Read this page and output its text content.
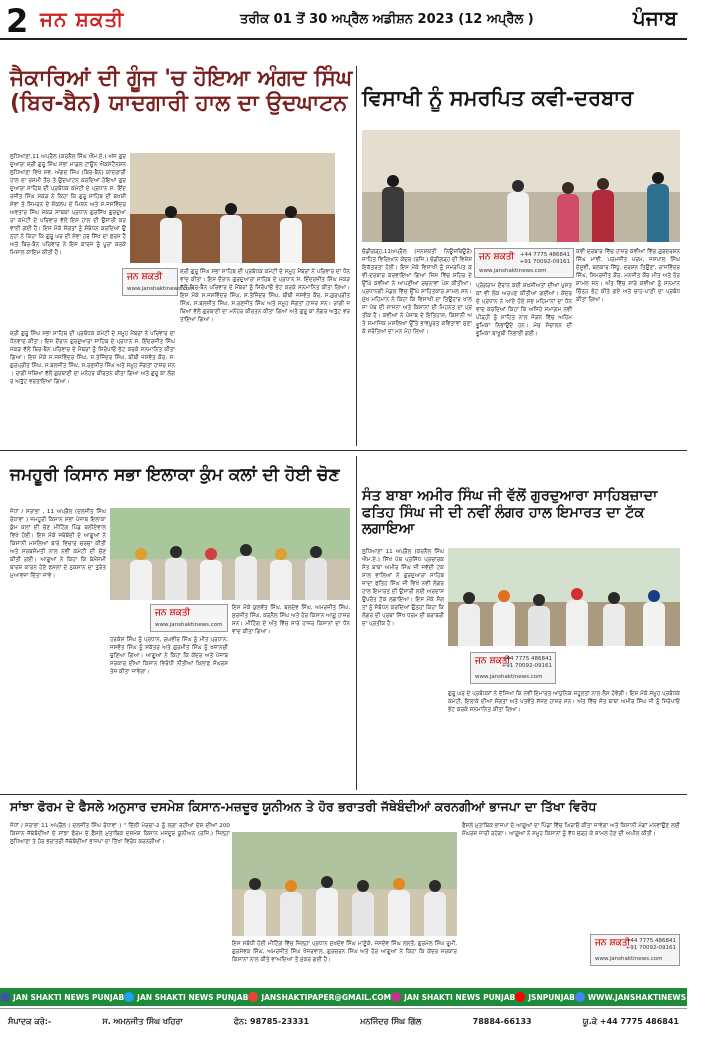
2 ਜਨ ਸ਼ਕਤੀ	ਤਰੀਕ 01 ਤੋਂ 30 ਅਪ੍ਰੈਲ ਅਡੀਸ਼ਨ 2023 (12 ਅਪ੍ਰੈਲ )	ਪੰਜਾਬ
ਜੈਕਾਰਿਆਂ ਦੀ ਗੂੰਜ 'ਚ ਹੋਇਆ ਅੰਗਦ ਸਿੰਘ (ਬਿਰ-ਬੈਨ) ਯਾਦਗਾਰੀ ਹਾਲ ਦਾ ਉਦਘਾਟਨ

ਲੁਧਿਆਣਾ,11 ਅਪ੍ਰੈਲ (ਕਰਨੈਲ ਸਿੰਘ ਐੱਮ.ਏ.) ਅੱਜ ਗੁਰਦੁਆਰਾ ਸ਼੍ਰੀ ਗੁਰੂ ਸਿੰਘ ਸਭਾ ਮਾਡਲ ਟਾਊਨ ਐਕਸਟੈਨਸ਼ਨ ਲੁਧਿਆਣਾ ਵਿਖੇ ਸਵ. ਅੰਗਦ ਸਿੰਘ (ਬਿਰ-ਬੈਨ) ਯਾਦਗਾਰੀ ਹਾਲ ਦਾ ਰਸਮੀ ਤੌਰ ਤੇ ਉਦਘਾਟਨ ਕਰਦਿਆਂ ਹੋਇਆਂ ਗੁਰਦੁਆਰਾ ਸਾਹਿਬ ਦੀ ਪ੍ਰਬੰਧਕ ਕਮੇਟੀ ਦੇ ਪ੍ਰਧਾਨ ਸ. ਇੰਦਰਜੀਤ ਸਿੰਘ ਮੱਕੜ ਨੇ ਕਿਹਾ ਕਿ ਗੁਰੂ ਸਾਹਿਬ ਦੀ ਬਖਸ਼ੀ ਸੇਵਾ ਤੇ ਸਿਮਰਨ ਦੇ ਸੰਕਲਪ ਦੇ ਮਿਸ਼ਨ ਅਤੇ ਸ.ਜਸਵਿੰਦਰ ਅਵਤਾਰ ਸਿੰਘ ਮੱਕੜ ਸਾਬਕਾ ਪ੍ਰਧਾਨ ਗੁਰਸਿੱਖ ਗੁਰਦੁਆਰਾ ਕਮੇਟੀ ਦੇ ਪਰਿਵਾਰ ਵੱਲੋਂ ਇਸ ਹਾਲ ਦੀ ਉਸਾਰੀ ਕਰਵਾਈ ਗਈ ਹੈ। ਇਸ ਮੌਕੇ ਸੰਗਤਾਂ ਨੂੰ ਸੰਬੋਧਨ ਕਰਦਿਆਂ ਉਨ੍ਹਾਂ ਨੇ ਕਿਹਾ ਕਿ ਗੁਰੂ ਘਰ ਦੀ ਸੇਵਾ ਹਰ ਸਿੱਖ ਦਾ ਫਰਜ਼ ਹੈ ਅਤੇ ਬਿਰ-ਬੈਨ ਪਰਿਵਾਰ ਨੇ ਇਸ ਕਾਰਜ ਨੂੰ ਪੂਰਾ ਕਰਕੇ ਮਿਸਾਲ ਕਾਇਮ ਕੀਤੀ ਹੈ।

ਸ਼੍ਰੀ ਗੁਰੂ ਸਿੰਘ ਸਭਾ ਸਾਹਿਬ ਦੀ ਪ੍ਰਬੰਧਕ ਕਮੇਟੀ ਦੇ ਸਮੂਹ ਮੈਂਬਰਾਂ ਨੇ ਪਰਿਵਾਰ ਦਾ ਧੰਨਵਾਦ ਕੀਤਾ। ਇਸ ਦੌਰਾਨ ਗੁਰਦੁਆਰਾ ਸਾਹਿਬ ਦੇ ਪ੍ਰਧਾਨ ਸ. ਇੰਦਰਜੀਤ ਸਿੰਘ ਮੱਕੜ ਵੱਲੋਂ ਬਿਰ-ਬੈਨ ਪਰਿਵਾਰ ਦੇ ਮੈਂਬਰਾਂ ਨੂੰ ਸਿਰੋਪਾਓ ਭੇਟ ਕਰਕੇ ਸਨਮਾਨਿਤ ਕੀਤਾ ਗਿਆ। ਇਸ ਮੌਕੇ ਸ.ਜਸਵਿੰਦਰ ਸਿੰਘ, ਸ.ਤੇਜਿੰਦਰ ਸਿੰਘ, ਬੀਬੀ ਜਸਵੰਤ ਕੌਰ, ਸ.ਗੁਰਪ੍ਰੀਤ ਸਿੰਘ, ਸ.ਬਲਜੀਤ ਸਿੰਘ, ਸ.ਰਣਜੀਤ ਸਿੰਘ ਅਤੇ ਸਮੂਹ ਸੰਗਤਾਂ ਹਾਜ਼ਰ ਸਨ। ਰਾਗੀ ਜਥਿਆਂ ਵੱਲੋਂ ਗੁਰਬਾਣੀ ਦਾ ਮਨੋਹਰ ਕੀਰਤਨ ਕੀਤਾ ਗਿਆ ਅਤੇ ਗੁਰੂ ਕਾ ਲੰਗਰ ਅਤੁੱਟ ਵਰਤਾਇਆ ਗਿਆ।

ਸ਼੍ਰੀ ਗੁਰੂ ਸਿੰਘ ਸਭਾ ਸਾਹਿਬ ਦੀ ਪ੍ਰਬੰਧਕ ਕਮੇਟੀ ਦੇ ਸਮੂਹ ਮੈਂਬਰਾਂ ਨੇ ਪਰਿਵਾਰ ਦਾ ਧੰਨਵਾਦ ਕੀਤਾ। ਇਸ ਦੌਰਾਨ ਗੁਰਦੁਆਰਾ ਸਾਹਿਬ ਦੇ ਪ੍ਰਧਾਨ ਸ. ਇੰਦਰਜੀਤ ਸਿੰਘ ਮੱਕੜ ਵੱਲੋਂ ਬਿਰ-ਬੈਨ ਪਰਿਵਾਰ ਦੇ ਮੈਂਬਰਾਂ ਨੂੰ ਸਿਰੋਪਾਓ ਭੇਟ ਕਰਕੇ ਸਨਮਾਨਿਤ ਕੀਤਾ ਗਿਆ। ਇਸ ਮੌਕੇ ਸ.ਜਸਵਿੰਦਰ ਸਿੰਘ, ਸ.ਤੇਜਿੰਦਰ ਸਿੰਘ, ਬੀਬੀ ਜਸਵੰਤ ਕੌਰ, ਸ.ਗੁਰਪ੍ਰੀਤ ਸਿੰਘ, ਸ.ਬਲਜੀਤ ਸਿੰਘ, ਸ.ਰਣਜੀਤ ਸਿੰਘ ਅਤੇ ਸਮੂਹ ਸੰਗਤਾਂ ਹਾਜ਼ਰ ਸਨ। ਰਾਗੀ ਜਥਿਆਂ ਵੱਲੋਂ ਗੁਰਬਾਣੀ ਦਾ ਮਨੋਹਰ ਕੀਰਤਨ ਕੀਤਾ ਗਿਆ ਅਤੇ ਗੁਰੂ ਕਾ ਲੰਗਰ ਅਤੁੱਟ ਵਰਤਾਇਆ ਗਿਆ।

ਜਨ ਸ਼ਕਤੀ
www.janshaktinews.com
ਵਿਸਾਖੀ ਨੂੰ ਸਮਰਪਿਤ ਕਵੀ-ਦਰਬਾਰ

ਚੰਡੀਗੜ੍ਹ,11ਅਪ੍ਰੈਲ (ਜਨਸ਼ਕਤੀ ਨਿਊਜ਼ਬਿਊਰੋ) ਸਾਹਿਤ ਵਿਗਿਆਨ ਕੇਂਦਰ (ਰਜਿ.) ਚੰਡੀਗੜ੍ਹ ਦੀ ਵਿਸ਼ੇਸ਼ ਇਕੱਤਰਤਾ ਹੋਈ। ਇਸ ਮੌਕੇ ਵਿਸਾਖੀ ਨੂੰ ਸਮਰਪਿਤ ਕਵੀ-ਦਰਬਾਰ ਕਰਵਾਇਆ ਗਿਆ ਜਿਸ ਵਿੱਚ ਸ਼ਹਿਰ ਦੇ ਉੱਘੇ ਕਵੀਆਂ ਨੇ ਆਪਣੀਆਂ ਰਚਨਾਵਾਂ ਪੇਸ਼ ਕੀਤੀਆਂ। ਪ੍ਰਧਾਨਗੀ ਮੰਡਲ ਵਿੱਚ ਉੱਘੇ ਸਾਹਿਤਕਾਰ ਸ਼ਾਮਲ ਸਨ। ਮੁੱਖ ਮਹਿਮਾਨ ਨੇ ਕਿਹਾ ਕਿ ਵਿਸਾਖੀ ਦਾ ਤਿਉਹਾਰ ਖਾਲਸਾ ਪੰਥ ਦੀ ਸਾਜਨਾ ਅਤੇ ਕਿਸਾਨਾਂ ਦੀ ਮਿਹਨਤ ਦਾ ਪ੍ਰਤੀਕ ਹੈ। ਕਵੀਆਂ ਨੇ ਪੰਜਾਬ ਦੇ ਇਤਿਹਾਸ, ਕਿਸਾਨੀ ਅਤੇ ਸਮਾਜਿਕ ਮਸਲਿਆਂ ਉੱਤੇ ਭਾਵਪੂਰਤ ਕਵਿਤਾਵਾਂ ਸੁਣਾ ਕੇ ਸਰੋਤਿਆਂ ਦਾ ਮਨ ਮੋਹ ਲਿਆ।

ਪ੍ਰੋਗਰਾਮ ਦੌਰਾਨ ਕਈ ਸ਼ਖ਼ਸੀਅਤਾਂ ਦੀਆਂ ਪੁਸਤਕਾਂ ਵੀ ਲੋਕ ਅਰਪਣ ਕੀਤੀਆਂ ਗਈਆਂ। ਕੇਂਦਰ ਦੇ ਪ੍ਰਧਾਨ ਨੇ ਆਏ ਹੋਏ ਸਭ ਮਹਿਮਾਨਾਂ ਦਾ ਧੰਨਵਾਦ ਕਰਦਿਆਂ ਕਿਹਾ ਕਿ ਅਜਿਹੇ ਸਮਾਗਮ ਨਵੀਂ ਪੀੜ੍ਹੀ ਨੂੰ ਸਾਹਿਤ ਨਾਲ ਜੋੜਨ ਵਿੱਚ ਅਹਿਮ ਭੂਮਿਕਾ ਨਿਭਾਉਂਦੇ ਹਨ। ਮੰਚ ਸੰਚਾਲਨ ਦੀ ਭੂਮਿਕਾ ਬਾਖੂਬੀ ਨਿਭਾਈ ਗਈ।

ਕਵੀ ਦਰਬਾਰ ਵਿੱਚ ਹਾਜ਼ਰ ਕਵੀਆਂ ਵਿੱਚ ਗੁਰਦਰਸ਼ਨ ਸਿੰਘ ਮਾਵੀ, ਪਰਮਜੀਤ ਪਰਮ, ਜਸਪਾਲ ਸਿੰਘ ਦੇਸੂਵੀ, ਬਲਕਾਰ ਸਿੱਧੂ, ਦਰਸ਼ਨ ਤਿਉਣਾ, ਰਾਜਵਿੰਦਰ ਸਿੰਘ, ਸਿਮਰਜੀਤ ਕੌਰ, ਮਨਜੀਤ ਕੌਰ ਮੀਤ ਅਤੇ ਹੋਰ ਸ਼ਾਮਲ ਸਨ। ਅੰਤ ਵਿੱਚ ਸਾਰੇ ਕਵੀਆਂ ਨੂੰ ਸਨਮਾਨ ਚਿੰਨ੍ਹ ਭੇਟ ਕੀਤੇ ਗਏ ਅਤੇ ਚਾਹ-ਪਾਣੀ ਦਾ ਪ੍ਰਬੰਧ ਕੀਤਾ ਗਿਆ।

ਜਨ ਸ਼ਕਤੀ +44 7775 486841
+91 70092-09161
www.janshaktinews.com
ਜਮਹੂਰੀ ਕਿਸਾਨ ਸਭਾ ਇਲਾਕਾ ਕੁੰਮ ਕਲਾਂ ਦੀ ਹੋਈ ਚੋਣ

ਜੋਧਾਂ / ਸਰਾਭਾ , 11 ਅਪ੍ਰੈਲ (ਦਲਜੀਤ ਸਿੰਘ ਰੰਧਾਵਾ ) ਜਮਹੂਰੀ ਕਿਸਾਨ ਸਭਾ ਪੰਜਾਬ ਇਲਾਕਾ ਕੁੰਮ ਕਲਾਂ ਦੀ ਚੋਣ ਮੀਟਿੰਗ ਪਿੰਡ ਬਲੀਏਵਾਲ ਵਿਖੇ ਹੋਈ। ਇਸ ਮੌਕੇ ਜਥੇਬੰਦੀ ਦੇ ਆਗੂਆਂ ਨੇ ਕਿਸਾਨੀ ਮਸਲਿਆਂ ਬਾਰੇ ਵਿਚਾਰ ਚਰਚਾ ਕੀਤੀ ਅਤੇ ਸਰਬਸੰਮਤੀ ਨਾਲ ਨਵੀਂ ਕਮੇਟੀ ਦੀ ਚੋਣ ਕੀਤੀ ਗਈ। ਆਗੂਆਂ ਨੇ ਕਿਹਾ ਕਿ ਬੇਮੌਸਮੀ ਬਾਰਸ਼ ਕਾਰਨ ਹੋਏ ਫਸਲਾਂ ਦੇ ਨੁਕਸਾਨ ਦਾ ਤੁਰੰਤ ਮੁਆਵਜ਼ਾ ਦਿੱਤਾ ਜਾਵੇ।

ਹਰਕੇਸ ਸਿੰਘ ਨੂੰ ਪ੍ਰਧਾਨ, ਰਘਵੀਰ ਸਿੰਘ ਨੂੰ ਮੀਤ ਪ੍ਰਧਾਨ, ਜਸਵੰਤ ਸਿੰਘ ਨੂੰ ਸਕੱਤਰ ਅਤੇ ਗੁਰਮੀਤ ਸਿੰਘ ਨੂੰ ਖਜ਼ਾਨਚੀ ਚੁਣਿਆ ਗਿਆ। ਆਗੂਆਂ ਨੇ ਕਿਹਾ ਕਿ ਕੇਂਦਰ ਅਤੇ ਪੰਜਾਬ ਸਰਕਾਰ ਦੀਆਂ ਕਿਸਾਨ ਵਿਰੋਧੀ ਨੀਤੀਆਂ ਖ਼ਿਲਾਫ਼ ਸੰਘਰਸ਼ ਤੇਜ਼ ਕੀਤਾ ਜਾਵੇਗਾ।

ਇਸ ਮੌਕੇ ਕੁਲਵੰਤ ਸਿੰਘ, ਬਲਦੇਵ ਸਿੰਘ, ਅਮਰਜੀਤ ਸਿੰਘ, ਸੁਰਜੀਤ ਸਿੰਘ, ਕਰਨੈਲ ਸਿੰਘ ਅਤੇ ਹੋਰ ਕਿਸਾਨ ਆਗੂ ਹਾਜ਼ਰ ਸਨ। ਮੀਟਿੰਗ ਦੇ ਅੰਤ ਵਿੱਚ ਸਾਰੇ ਹਾਜ਼ਰ ਕਿਸਾਨਾਂ ਦਾ ਧੰਨਵਾਦ ਕੀਤਾ ਗਿਆ।

ਜਨ ਸ਼ਕਤੀ
www.janshaktinews.com
ਸੰਤ ਬਾਬਾ ਅਮੀਰ ਸਿੰਘ ਜੀ ਵੱਲੋਂ ਗੁਰਦੁਆਰਾ ਸਾਹਿਬਜ਼ਾਦਾ ਫਤਿਹ ਸਿੰਘ ਜੀ ਦੀ ਨਵੀਂ ਲੰਗਰ ਹਾਲ ਇਮਾਰਤ ਦਾ ਟੱਕ ਲਗਾਇਆ

ਲੁਧਿਆਣਾ 11 ਅਪ੍ਰੈਲ (ਕਰਨੈਲ ਸਿੰਘ ਐੱਮ.ਏ.) ਸਿੱਖ ਪੰਥ ਪ੍ਰਸਿੱਧ ਪ੍ਰਚਾਰਕ ਸੰਤ ਬਾਬਾ ਅਮੀਰ ਸਿੰਘ ਜੀ ਜਵੱਦੀ ਟਕਸਾਲ ਵਾਲਿਆਂ ਨੇ ਗੁਰਦੁਆਰਾ ਸਾਹਿਬਜ਼ਾਦਾ ਫਤਿਹ ਸਿੰਘ ਜੀ ਵਿਖੇ ਨਵੀਂ ਲੰਗਰ ਹਾਲ ਇਮਾਰਤ ਦੀ ਉਸਾਰੀ ਲਈ ਅਰਦਾਸ ਉਪਰੰਤ ਟੱਕ ਲਗਾਇਆ। ਇਸ ਮੌਕੇ ਸੰਗਤਾਂ ਨੂੰ ਸੰਬੋਧਨ ਕਰਦਿਆਂ ਉਨ੍ਹਾਂ ਕਿਹਾ ਕਿ ਲੰਗਰ ਦੀ ਪ੍ਰਥਾ ਸਿੱਖ ਧਰਮ ਦੀ ਬਰਾਬਰੀ ਦਾ ਪ੍ਰਤੀਕ ਹੈ।

ਗੁਰੂ ਘਰ ਦੇ ਪ੍ਰਬੰਧਕਾਂ ਨੇ ਦੱਸਿਆ ਕਿ ਨਵੀਂ ਇਮਾਰਤ ਆਧੁਨਿਕ ਸਹੂਲਤਾਂ ਨਾਲ ਲੈਸ ਹੋਵੇਗੀ। ਇਸ ਮੌਕੇ ਸਮੂਹ ਪ੍ਰਬੰਧਕ ਕਮੇਟੀ, ਇਲਾਕੇ ਦੀਆਂ ਸੰਗਤਾਂ ਅਤੇ ਪਤਵੰਤੇ ਸੱਜਣ ਹਾਜ਼ਰ ਸਨ। ਅੰਤ ਵਿੱਚ ਸੰਤ ਬਾਬਾ ਅਮੀਰ ਸਿੰਘ ਜੀ ਨੂੰ ਸਿਰੋਪਾਓ ਭੇਟ ਕਰਕੇ ਸਨਮਾਨਿਤ ਕੀਤਾ ਗਿਆ।

ਜਨ ਸ਼ਕਤੀ
+44 7775 486841
+91 70092-09161
www.janshaktinews.com
ਸਾਂਝਾ ਫੋਰਮ ਦੇ ਫੈਸਲੇ ਅਨੁਸਾਰ ਦਸਮੇਸ਼ ਕਿਸਾਨ-ਮਜ਼ਦੂਰ ਯੂਨੀਅਨ ਤੇ ਹੋਰ ਭਰਾਤਰੀ ਜੱਥੇਬੰਦੀਆਂ ਕਰਨਗੀਆਂ ਭਾਜਪਾ ਦਾ ਤਿੱਖਾ ਵਿਰੋਧ

ਜੋਧਾਂ / ਸਰਾਭਾ 11 ਅਪ੍ਰੈਲ ( ਦਲਜੀਤ ਸਿੰਘ ਰੰਧਾਵਾ ) " ਦਿੱਲੀ ਮੋਰਚਾ-2 ਨੂੰ ਲਗਾ ਰਹੀਆਂ ਦੇਸ਼ ਦੀਆਂ 200 ਕਿਸਾਨ ਜੱਥੇਬੰਦੀਆਂ ਦੇ ਸਾਂਝਾ ਫੋਰਮ ਦੇ ਫੈਸਲੇ ਮੁਤਾਬਿਕ ਦਸਮੇਸ਼ ਕਿਸਾਨ ਮਜ਼ਦੂਰ ਯੂਨੀਅਨ (ਰਜਿ.) ਜ਼ਿਲ੍ਹਾ ਲੁਧਿਆਣਾ ਤੇ ਹੋਰ ਭਰਾਤਰੀ ਜੱਥੇਬੰਦੀਆਂ ਭਾਜਪਾ ਦਾ ਤਿੱਖਾ ਵਿਰੋਧ ਕਰਨਗੀਆਂ।

ਇਸ ਸਬੰਧੀ ਹੋਈ ਮੀਟਿੰਗ ਵਿੱਚ ਜ਼ਿਲ੍ਹਾ ਪ੍ਰਧਾਨ ਸੁਖਦੇਵ ਸਿੰਘ ਮਾਣੂੰਕੇ, ਜਸਦੇਵ ਸਿੰਘ ਲਲਤੋਂ, ਗੁਰਮੇਲ ਸਿੰਘ ਰੂਮੀ, ਗੁਰਸੇਵਕ ਸਿੰਘ, ਅਮਰਜੀਤ ਸਿੰਘ ਖੰਜਰਵਾਲ, ਗੁਰਚਰਨ ਸਿੰਘ ਅਤੇ ਹੋਰ ਆਗੂਆਂ ਨੇ ਕਿਹਾ ਕਿ ਕੇਂਦਰ ਸਰਕਾਰ ਕਿਸਾਨਾਂ ਨਾਲ ਕੀਤੇ ਵਾਅਦਿਆਂ ਤੋਂ ਮੁੱਕਰ ਗਈ ਹੈ।

ਫੈਸਲੇ ਮੁਤਾਬਿਕ ਭਾਜਪਾ ਦੇ ਆਗੂਆਂ ਦਾ ਪਿੰਡਾਂ ਵਿੱਚ ਘਿਰਾਓ ਕੀਤਾ ਜਾਵੇਗਾ ਅਤੇ ਕਿਸਾਨੀ ਮੰਗਾਂ ਮਨਵਾਉਣ ਲਈ ਸੰਘਰਸ਼ ਜਾਰੀ ਰਹੇਗਾ। ਆਗੂਆਂ ਨੇ ਸਮੂਹ ਕਿਸਾਨਾਂ ਨੂੰ ਵੱਧ ਚੜ੍ਹ ਕੇ ਸ਼ਾਮਲ ਹੋਣ ਦੀ ਅਪੀਲ ਕੀਤੀ।

ਜਨ ਸ਼ਕਤੀ
+44 7775 486841
+91 70092-09161
www.janshaktinews.com
JAN SHAKTI NEWS PUNJAB JAN SHAKTI NEWS PUNJAB JANSHAKTIPAPER@GMAIL.COM JAN SHAKTI NEWS PUNJAB JSNPUNJAB WWW.JANSHAKTINEWS.COM
ਸੰਪਾਦਕ ਕਰੋ:-	ਸ. ਅਮਨਜੀਤ ਸਿੰਘ ਖਹਿਰਾ	ਫੋਨ: 98785-23331	ਮਨਜਿੰਦਰ ਸਿੰਘ ਗਿੱਲ	78884-66133	ਯੂ.ਕੇ +44 7775 486841
